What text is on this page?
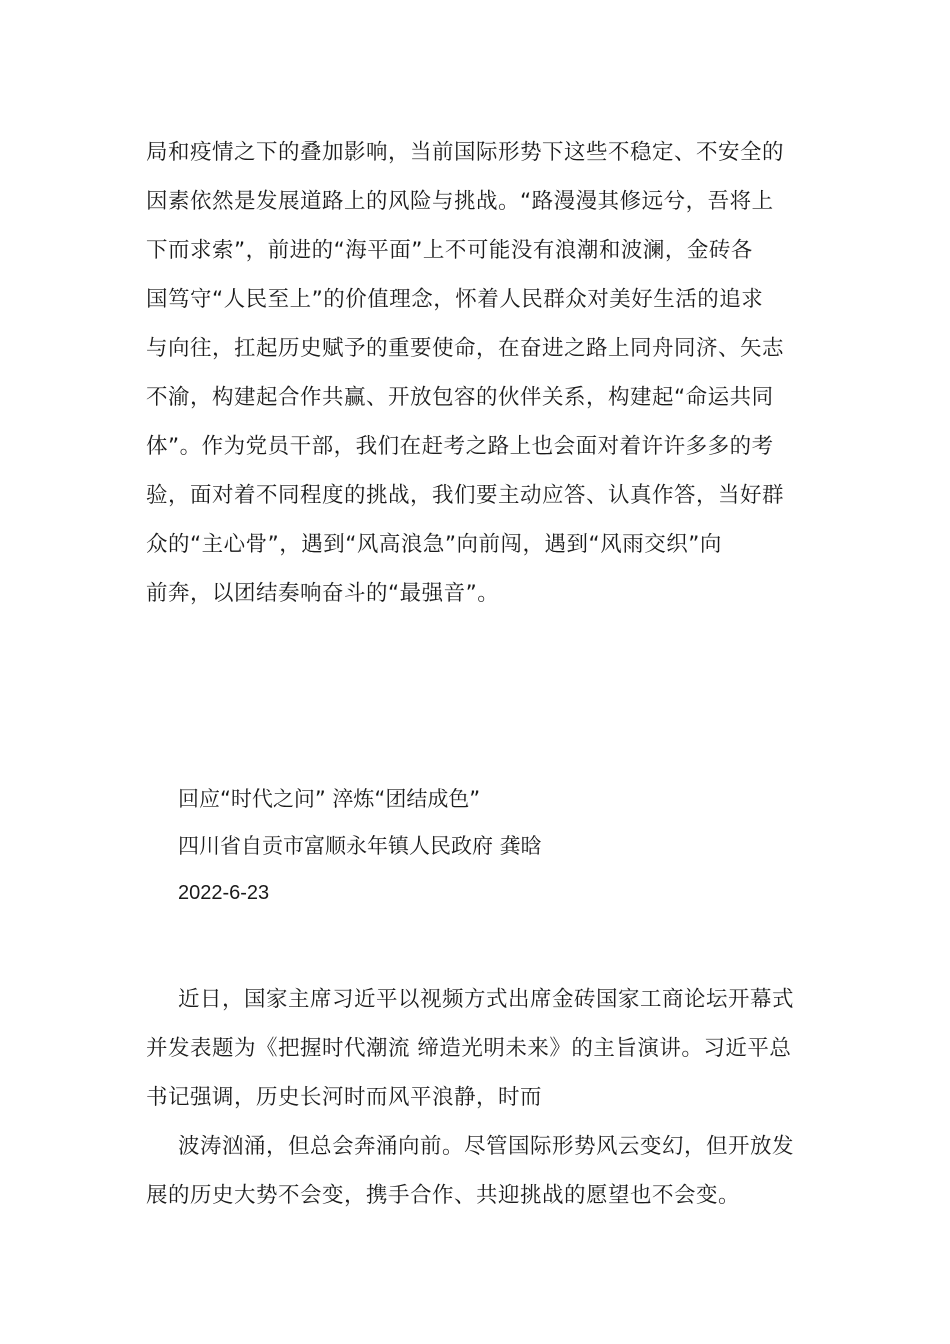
局和疫情之下的叠加影响，当前国际形势下这些不稳定、不安全的
因素依然是发展道路上的风险与挑战。“路漫漫其修远兮，吾将上
下而求索”，前进的“海平面”上不可能没有浪潮和波澜，金砖各
国笃守“人民至上”的价值理念，怀着人民群众对美好生活的追求
与向往，扛起历史赋予的重要使命，在奋进之路上同舟同济、矢志
不渝，构建起合作共赢、开放包容的伙伴关系，构建起“命运共同
体”。作为党员干部，我们在赶考之路上也会面对着许许多多的考
验，面对着不同程度的挑战，我们要主动应答、认真作答，当好群
众的“主心骨”，遇到“风高浪急”向前闯，遇到“风雨交织”向
前奔，以团结奏响奋斗的“最强音”。
回应“时代之问” 淬炼“团结成色”
四川省自贡市富顺永年镇人民政府 龚晗
2022-6-23
近日，国家主席习近平以视频方式出席金砖国家工商论坛开幕式
并发表题为《把握时代潮流 缔造光明未来》的主旨演讲。习近平总
书记强调，历史长河时而风平浪静，时而
波涛汹涌，但总会奔涌向前。尽管国际形势风云变幻，但开放发
展的历史大势不会变，携手合作、共迎挑战的愿望也不会变。
